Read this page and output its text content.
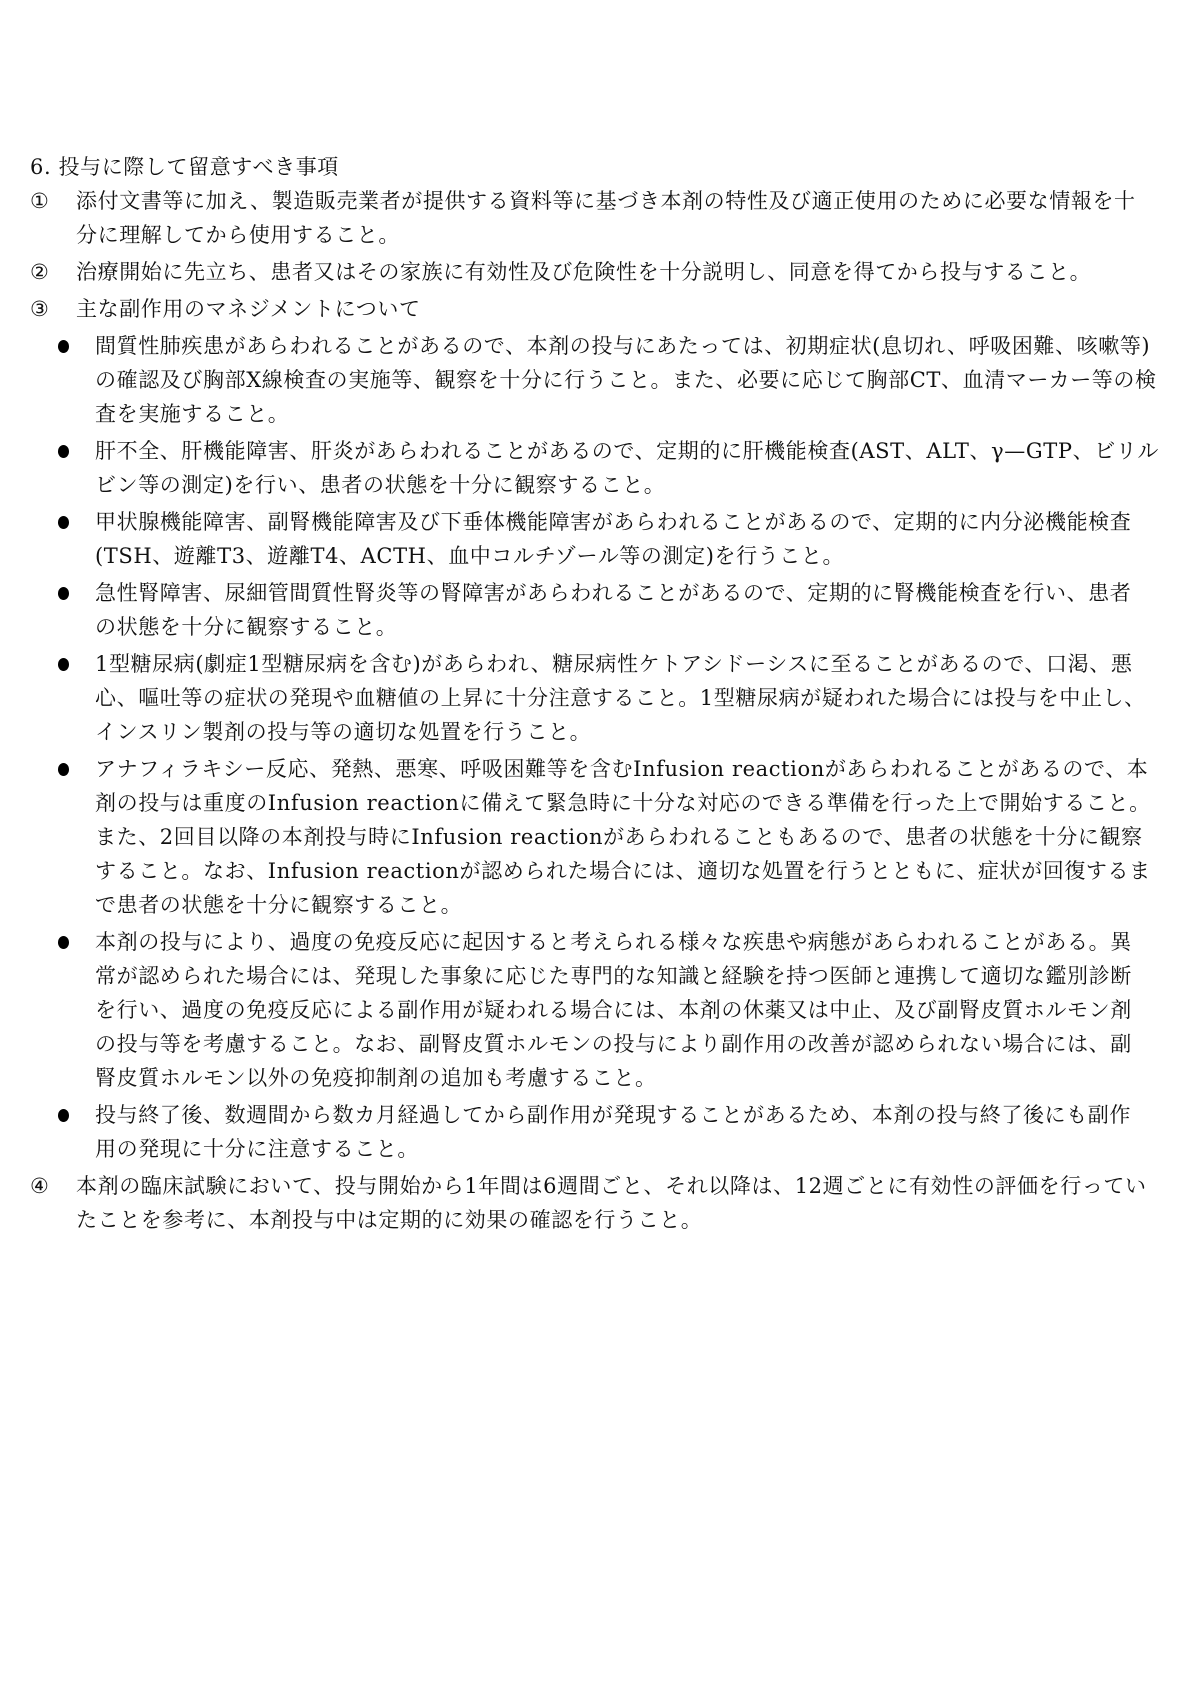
6. 投与に際して留意すべき事項
① 添付文書等に加え、製造販売業者が提供する資料等に基づき本剤の特性及び適正使用のために必要な情報を十
分に理解してから使用すること。
② 治療開始に先立ち、患者又はその家族に有効性及び危険性を十分説明し、同意を得てから投与すること。
③ 主な副作用のマネジメントについて
間質性肺疾患があらわれることがあるので、本剤の投与にあたっては、初期症状(息切れ、呼吸困難、咳嗽等)
の確認及び胸部X線検査の実施等、観察を十分に行うこと。また、必要に応じて胸部CT、血清マーカー等の検
査を実施すること。
肝不全、肝機能障害、肝炎があらわれることがあるので、定期的に肝機能検査(AST、ALT、γ—GTP、ビリル
ビン等の測定)を行い、患者の状態を十分に観察すること。
甲状腺機能障害、副腎機能障害及び下垂体機能障害があらわれることがあるので、定期的に内分泌機能検査
(TSH、遊離T3、遊離T4、ACTH、血中コルチゾール等の測定)を行うこと。
急性腎障害、尿細管間質性腎炎等の腎障害があらわれることがあるので、定期的に腎機能検査を行い、患者
の状態を十分に観察すること。
1型糖尿病(劇症1型糖尿病を含む)があらわれ、糖尿病性ケトアシドーシスに至ることがあるので、口渇、悪
心、嘔吐等の症状の発現や血糖値の上昇に十分注意すること。1型糖尿病が疑われた場合には投与を中止し、
インスリン製剤の投与等の適切な処置を行うこと。
アナフィラキシー反応、発熱、悪寒、呼吸困難等を含むInfusion reactionがあらわれることがあるので、本
剤の投与は重度のInfusion reactionに備えて緊急時に十分な対応のできる準備を行った上で開始すること。
また、2回目以降の本剤投与時にInfusion reactionがあらわれることもあるので、患者の状態を十分に観察
すること。なお、Infusion reactionが認められた場合には、適切な処置を行うとともに、症状が回復するま
で患者の状態を十分に観察すること。
本剤の投与により、過度の免疫反応に起因すると考えられる様々な疾患や病態があらわれることがある。異
常が認められた場合には、発現した事象に応じた専門的な知識と経験を持つ医師と連携して適切な鑑別診断
を行い、過度の免疫反応による副作用が疑われる場合には、本剤の休薬又は中止、及び副腎皮質ホルモン剤
の投与等を考慮すること。なお、副腎皮質ホルモンの投与により副作用の改善が認められない場合には、副
腎皮質ホルモン以外の免疫抑制剤の追加も考慮すること。
投与終了後、数週間から数カ月経過してから副作用が発現することがあるため、本剤の投与終了後にも副作
用の発現に十分に注意すること。
④ 本剤の臨床試験において、投与開始から1年間は6週間ごと、それ以降は、12週ごとに有効性の評価を行ってい
たことを参考に、本剤投与中は定期的に効果の確認を行うこと。
